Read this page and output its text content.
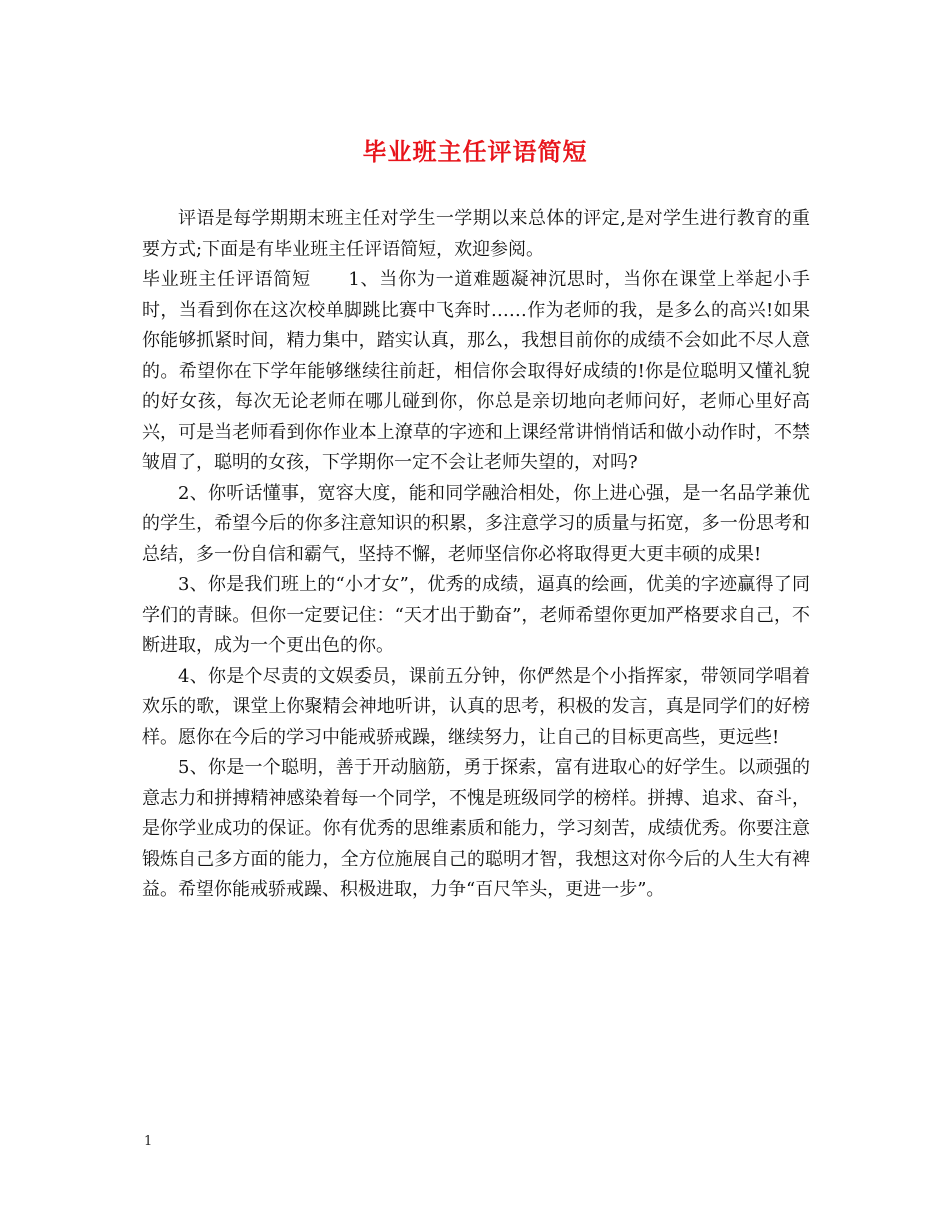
毕业班主任评语简短

评语是每学期期末班主任对学生一学期以来总体的评定,是对学生进行教育的重要方式;下面是有毕业班主任评语简短，欢迎参阅。

毕业班主任评语简短　　1、当你为一道难题凝神沉思时，当你在课堂上举起小手时，当看到你在这次校单脚跳比赛中飞奔时……作为老师的我，是多么的高兴!如果你能够抓紧时间，精力集中，踏实认真，那么，我想目前你的成绩不会如此不尽人意的。希望你在下学年能够继续往前赶，相信你会取得好成绩的!你是位聪明又懂礼貌的好女孩，每次无论老师在哪儿碰到你，你总是亲切地向老师问好，老师心里好高兴，可是当老师看到你作业本上潦草的字迹和上课经常讲悄悄话和做小动作时，不禁皱眉了，聪明的女孩，下学期你一定不会让老师失望的，对吗?

2、你听话懂事，宽容大度，能和同学融洽相处，你上进心强，是一名品学兼优的学生，希望今后的你多注意知识的积累，多注意学习的质量与拓宽，多一份思考和总结，多一份自信和霸气，坚持不懈，老师坚信你必将取得更大更丰硕的成果!

3、你是我们班上的“小才女”，优秀的成绩，逼真的绘画，优美的字迹赢得了同学们的青睐。但你一定要记住：“天才出于勤奋”，老师希望你更加严格要求自己，不断进取，成为一个更出色的你。

4、你是个尽责的文娱委员，课前五分钟，你俨然是个小指挥家，带领同学唱着欢乐的歌，课堂上你聚精会神地听讲，认真的思考，积极的发言，真是同学们的好榜样。愿你在今后的学习中能戒骄戒躁，继续努力，让自己的目标更高些，更远些!

5、你是一个聪明，善于开动脑筋，勇于探索，富有进取心的好学生。以顽强的意志力和拼搏精神感染着每一个同学，不愧是班级同学的榜样。拼搏、追求、奋斗，是你学业成功的保证。你有优秀的思维素质和能力，学习刻苦，成绩优秀。你要注意锻炼自己多方面的能力，全方位施展自己的聪明才智，我想这对你今后的人生大有裨益。希望你能戒骄戒躁、积极进取，力争“百尺竿头，更进一步”。

1
